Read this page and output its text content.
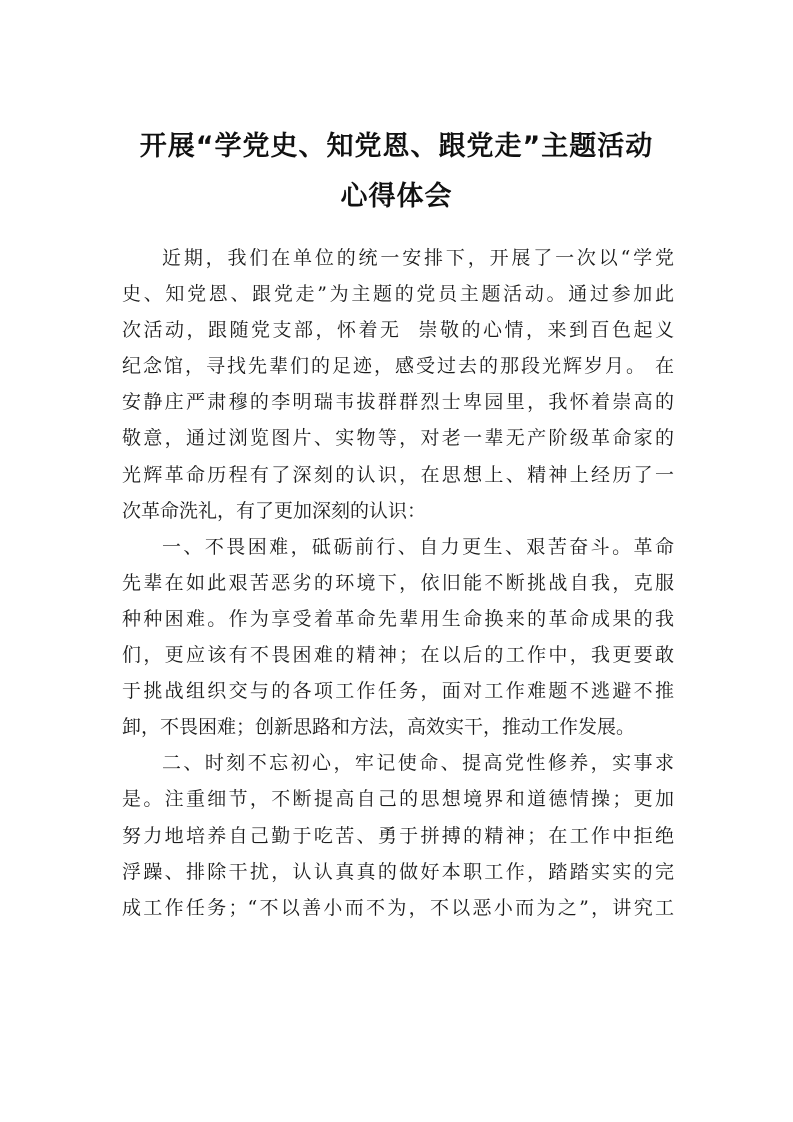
开展“学党史、知党恩、跟党走”主题活动
心得体会
近期，我们在单位的统一安排下，开展了一次以“学党
史、知党恩、跟党走”为主题的党员主题活动。通过参加此
次活动，跟随党支部，怀着无  崇敬的心情，来到百色起义
纪念馆，寻找先辈们的足迹，感受过去的那段光辉岁月。 在
安静庄严肃穆的李明瑞韦拔群群烈士卑园里，我怀着崇高的
敬意，通过浏览图片、实物等，对老一辈无产阶级革命家的
光辉革命历程有了深刻的认识，在思想上、精神上经历了一
次革命洗礼，有了更加深刻的认识：
一、不畏困难，砥砺前行、自力更生、艰苦奋斗。革命
先辈在如此艰苦恶劣的环境下，依旧能不断挑战自我，克服
种种困难。作为享受着革命先辈用生命换来的革命成果的我
们，更应该有不畏困难的精神；在以后的工作中，我更要敢
于挑战组织交与的各项工作任务，面对工作难题不逃避不推
卸，不畏困难；创新思路和方法，高效实干，推动工作发展。
二、时刻不忘初心，牢记使命、提高党性修养，实事求
是。注重细节，不断提高自己的思想境界和道德情操；更加
努力地培养自己勤于吃苦、勇于拼搏的精神；在工作中拒绝
浮躁、排除干扰，认认真真的做好本职工作，踏踏实实的完
成工作任务；“不以善小而不为，不以恶小而为之”，讲究工
